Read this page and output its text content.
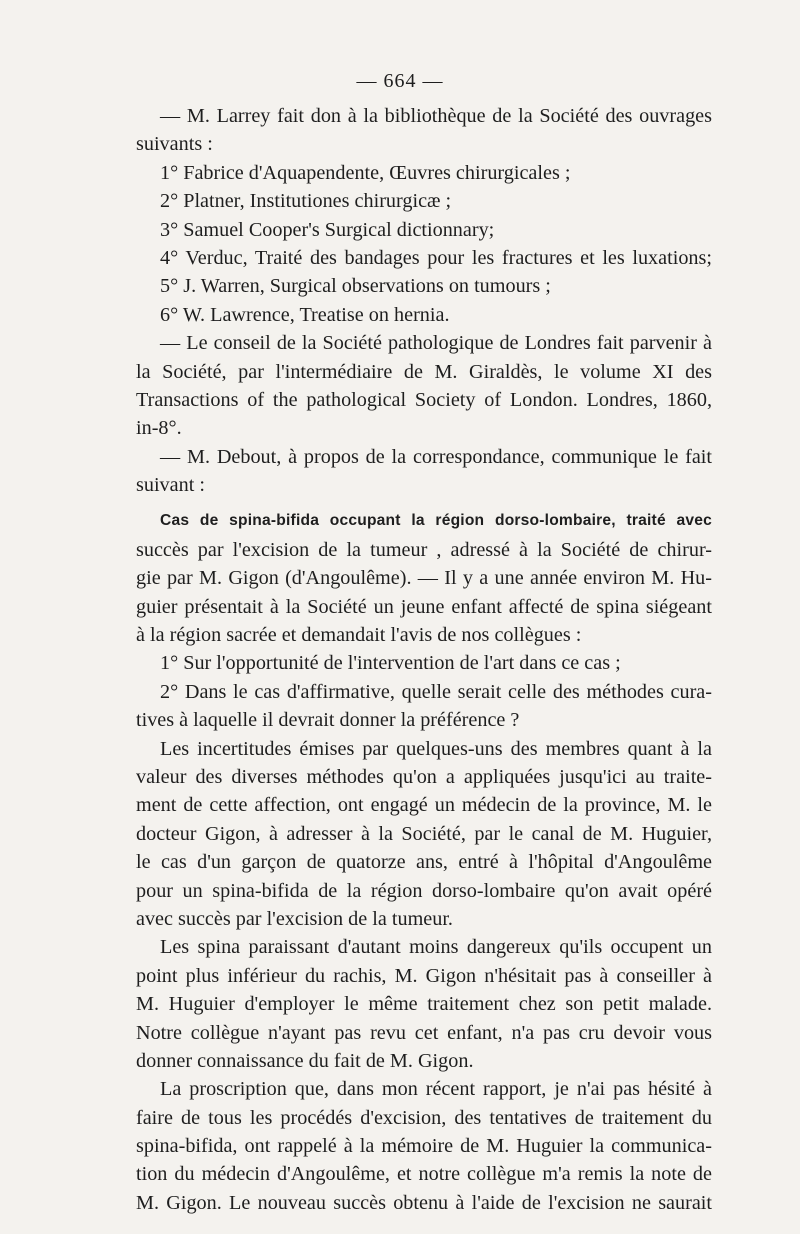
— 664 —
— M. Larrey fait don à la bibliothèque de la Société des ouvrages
suivants :
1° Fabrice d'Aquapendente, Œuvres chirurgicales ;
2° Platner, Institutiones chirurgicæ ;
3° Samuel Cooper's Surgical dictionnary;
4° Verduc, Traité des bandages pour les fractures et les luxations;
5° J. Warren, Surgical observations on tumours ;
6° W. Lawrence, Treatise on hernia.
— Le conseil de la Société pathologique de Londres fait parvenir à
la Société, par l'intermédiaire de M. Giraldès, le volume XI des
Transactions of the pathological Society of London. Londres, 1860,
in-8°.
— M. Debout, à propos de la correspondance, communique le fait
suivant :
Cas de spina-bifida occupant la région dorso-lombaire, traité avec
succès par l'excision de la tumeur , adressé à la Société de chirur-
gie par M. Gigon (d'Angoulême). — Il y a une année environ M. Hu-
guier présentait à la Société un jeune enfant affecté de spina siégeant
à la région sacrée et demandait l'avis de nos collègues :
1° Sur l'opportunité de l'intervention de l'art dans ce cas ;
2° Dans le cas d'affirmative, quelle serait celle des méthodes cura-
tives à laquelle il devrait donner la préférence ?
Les incertitudes émises par quelques-uns des membres quant à la
valeur des diverses méthodes qu'on a appliquées jusqu'ici au traite-
ment de cette affection, ont engagé un médecin de la province, M. le
docteur Gigon, à adresser à la Société, par le canal de M. Huguier,
le cas d'un garçon de quatorze ans, entré à l'hôpital d'Angoulême
pour un spina-bifida de la région dorso-lombaire qu'on avait opéré
avec succès par l'excision de la tumeur.
Les spina paraissant d'autant moins dangereux qu'ils occupent un
point plus inférieur du rachis, M. Gigon n'hésitait pas à conseiller à
M. Huguier d'employer le même traitement chez son petit malade.
Notre collègue n'ayant pas revu cet enfant, n'a pas cru devoir vous
donner connaissance du fait de M. Gigon.
La proscription que, dans mon récent rapport, je n'ai pas hésité à
faire de tous les procédés d'excision, des tentatives de traitement du
spina-bifida, ont rappelé à la mémoire de M. Huguier la communica-
tion du médecin d'Angoulême, et notre collègue m'a remis la note de
M. Gigon. Le nouveau succès obtenu à l'aide de l'excision ne saurait
